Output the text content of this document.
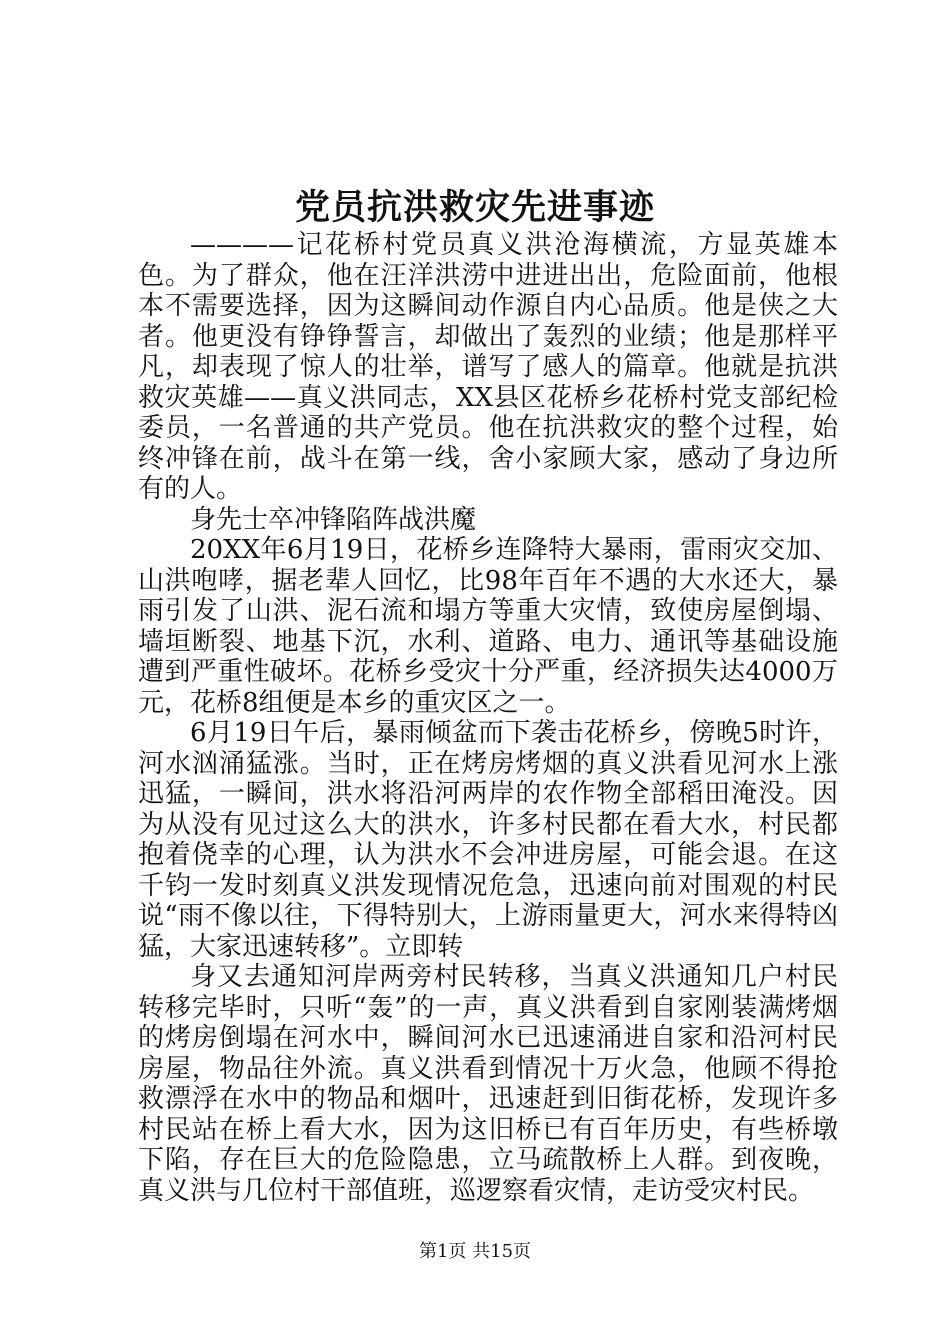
党员抗洪救灾先进事迹

————记花桥村党员真义洪沧海横流，方显英雄本色。为了群众，他在汪洋洪涝中进进出出，危险面前，他根本不需要选择，因为这瞬间动作源自内心品质。他是侠之大者。他更没有铮铮誓言，却做出了轰烈的业绩；他是那样平凡，却表现了惊人的壮举，谱写了感人的篇章。他就是抗洪救灾英雄——真义洪同志，XX县区花桥乡花桥村党支部纪检委员，一名普通的共产党员。他在抗洪救灾的整个过程，始终冲锋在前，战斗在第一线，舍小家顾大家，感动了身边所有的人。

身先士卒冲锋陷阵战洪魔

20XX年6月19日，花桥乡连降特大暴雨，雷雨灾交加、山洪咆哮，据老辈人回忆，比98年百年不遇的大水还大，暴雨引发了山洪、泥石流和塌方等重大灾情，致使房屋倒塌、墙垣断裂、地基下沉，水利、道路、电力、通讯等基础设施遭到严重性破坏。花桥乡受灾十分严重，经济损失达4000万元，花桥8组便是本乡的重灾区之一。

6月19日午后，暴雨倾盆而下袭击花桥乡，傍晚5时许，河水汹涌猛涨。当时，正在烤房烤烟的真义洪看见河水上涨迅猛，一瞬间，洪水将沿河两岸的农作物全部稻田淹没。因为从没有见过这么大的洪水，许多村民都在看大水，村民都抱着侥幸的心理，认为洪水不会冲进房屋，可能会退。在这千钧一发时刻真义洪发现情况危急，迅速向前对围观的村民说“雨不像以往，下得特别大，上游雨量更大，河水来得特凶猛，大家迅速转移”。立即转

身又去通知河岸两旁村民转移，当真义洪通知几户村民转移完毕时，只听“轰”的一声，真义洪看到自家刚装满烤烟的烤房倒塌在河水中，瞬间河水已迅速涌进自家和沿河村民房屋，物品往外流。真义洪看到情况十万火急，他顾不得抢救漂浮在水中的物品和烟叶，迅速赶到旧街花桥，发现许多村民站在桥上看大水，因为这旧桥已有百年历史，有些桥墩下陷，存在巨大的危险隐患，立马疏散桥上人群。到夜晚，真义洪与几位村干部值班，巡逻察看灾情，走访受灾村民。

第1页 共15页
